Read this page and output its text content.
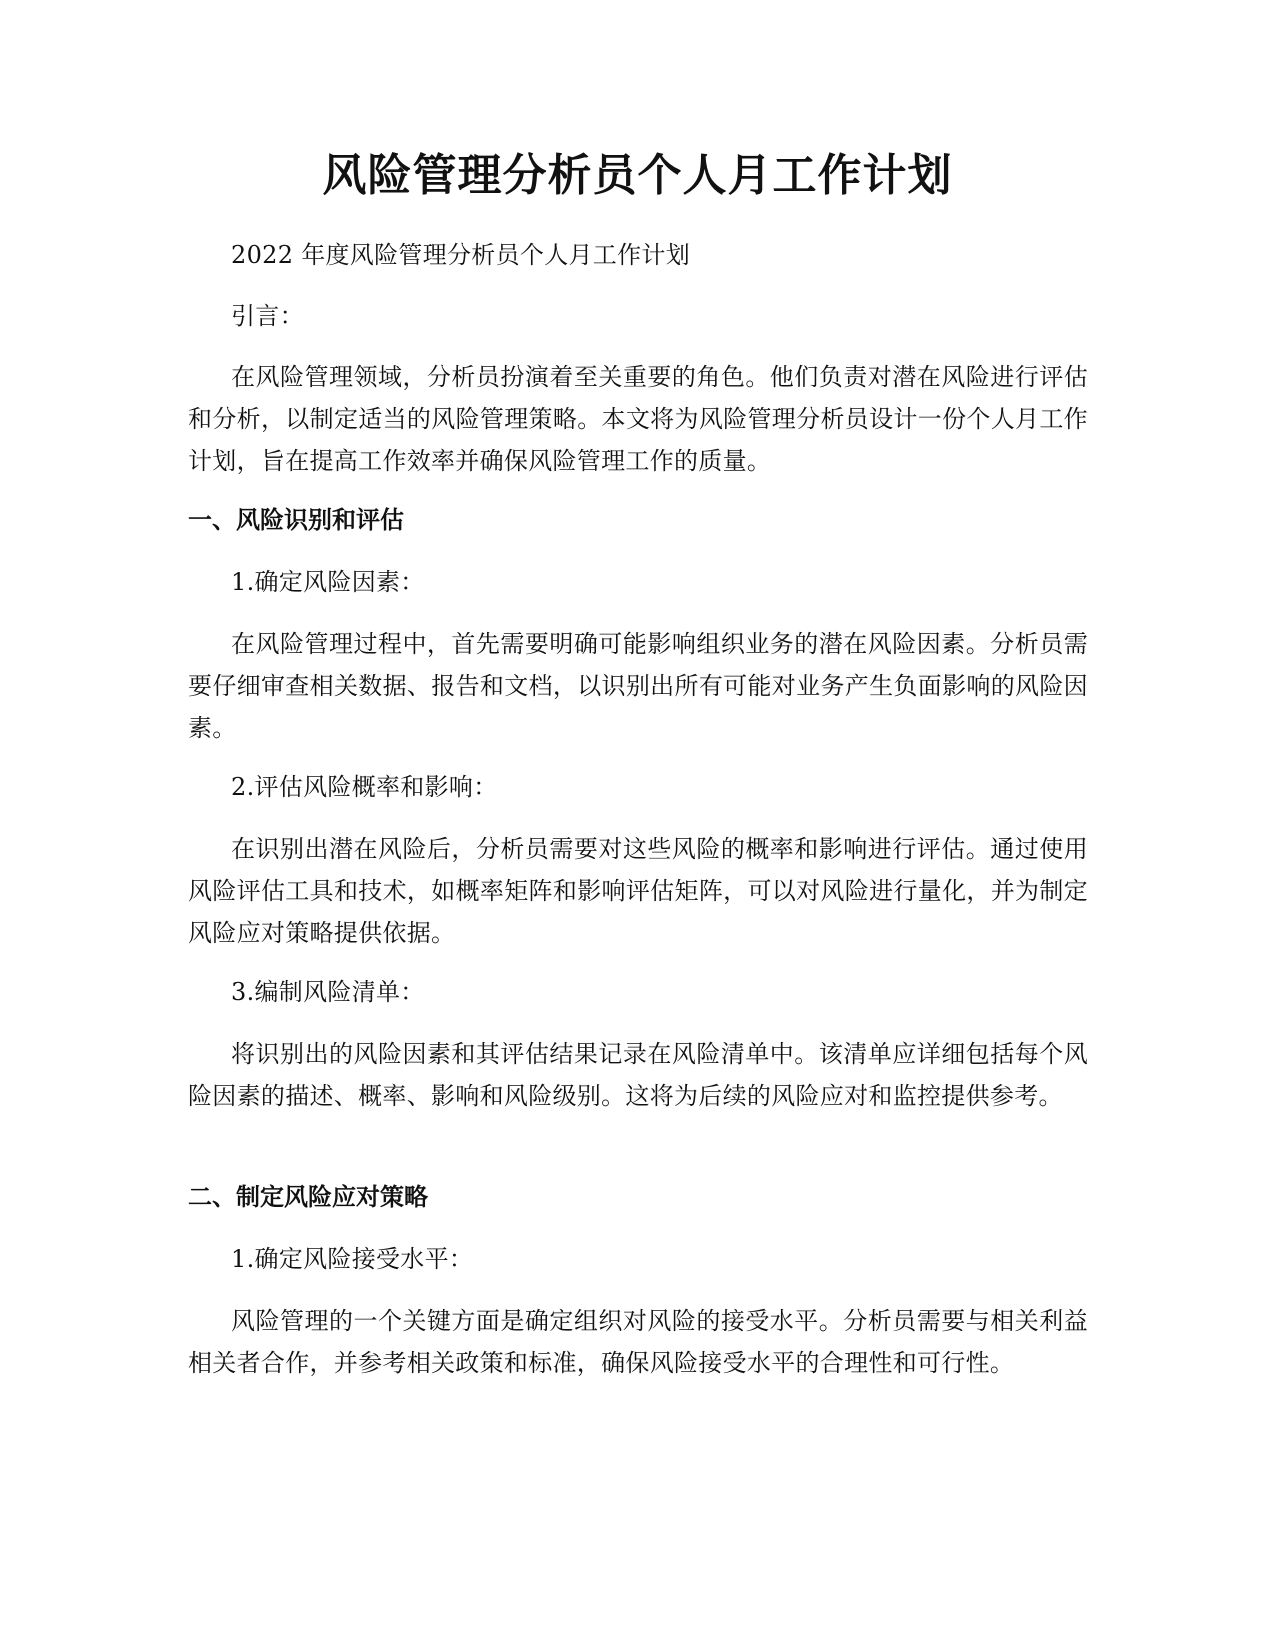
风险管理分析员个人月工作计划

2022 年度风险管理分析员个人月工作计划

引言：

在风险管理领域，分析员扮演着至关重要的角色。他们负责对潜在风险进行评估和分析，以制定适当的风险管理策略。本文将为风险管理分析员设计一份个人月工作计划，旨在提高工作效率并确保风险管理工作的质量。

一、风险识别和评估

1.确定风险因素：

在风险管理过程中，首先需要明确可能影响组织业务的潜在风险因素。分析员需要仔细审查相关数据、报告和文档，以识别出所有可能对业务产生负面影响的风险因素。

2.评估风险概率和影响：

在识别出潜在风险后，分析员需要对这些风险的概率和影响进行评估。通过使用风险评估工具和技术，如概率矩阵和影响评估矩阵，可以对风险进行量化，并为制定风险应对策略提供依据。

3.编制风险清单：

将识别出的风险因素和其评估结果记录在风险清单中。该清单应详细包括每个风险因素的描述、概率、影响和风险级别。这将为后续的风险应对和监控提供参考。

二、制定风险应对策略

1.确定风险接受水平：

风险管理的一个关键方面是确定组织对风险的接受水平。分析员需要与相关利益相关者合作，并参考相关政策和标准，确保风险接受水平的合理性和可行性。
